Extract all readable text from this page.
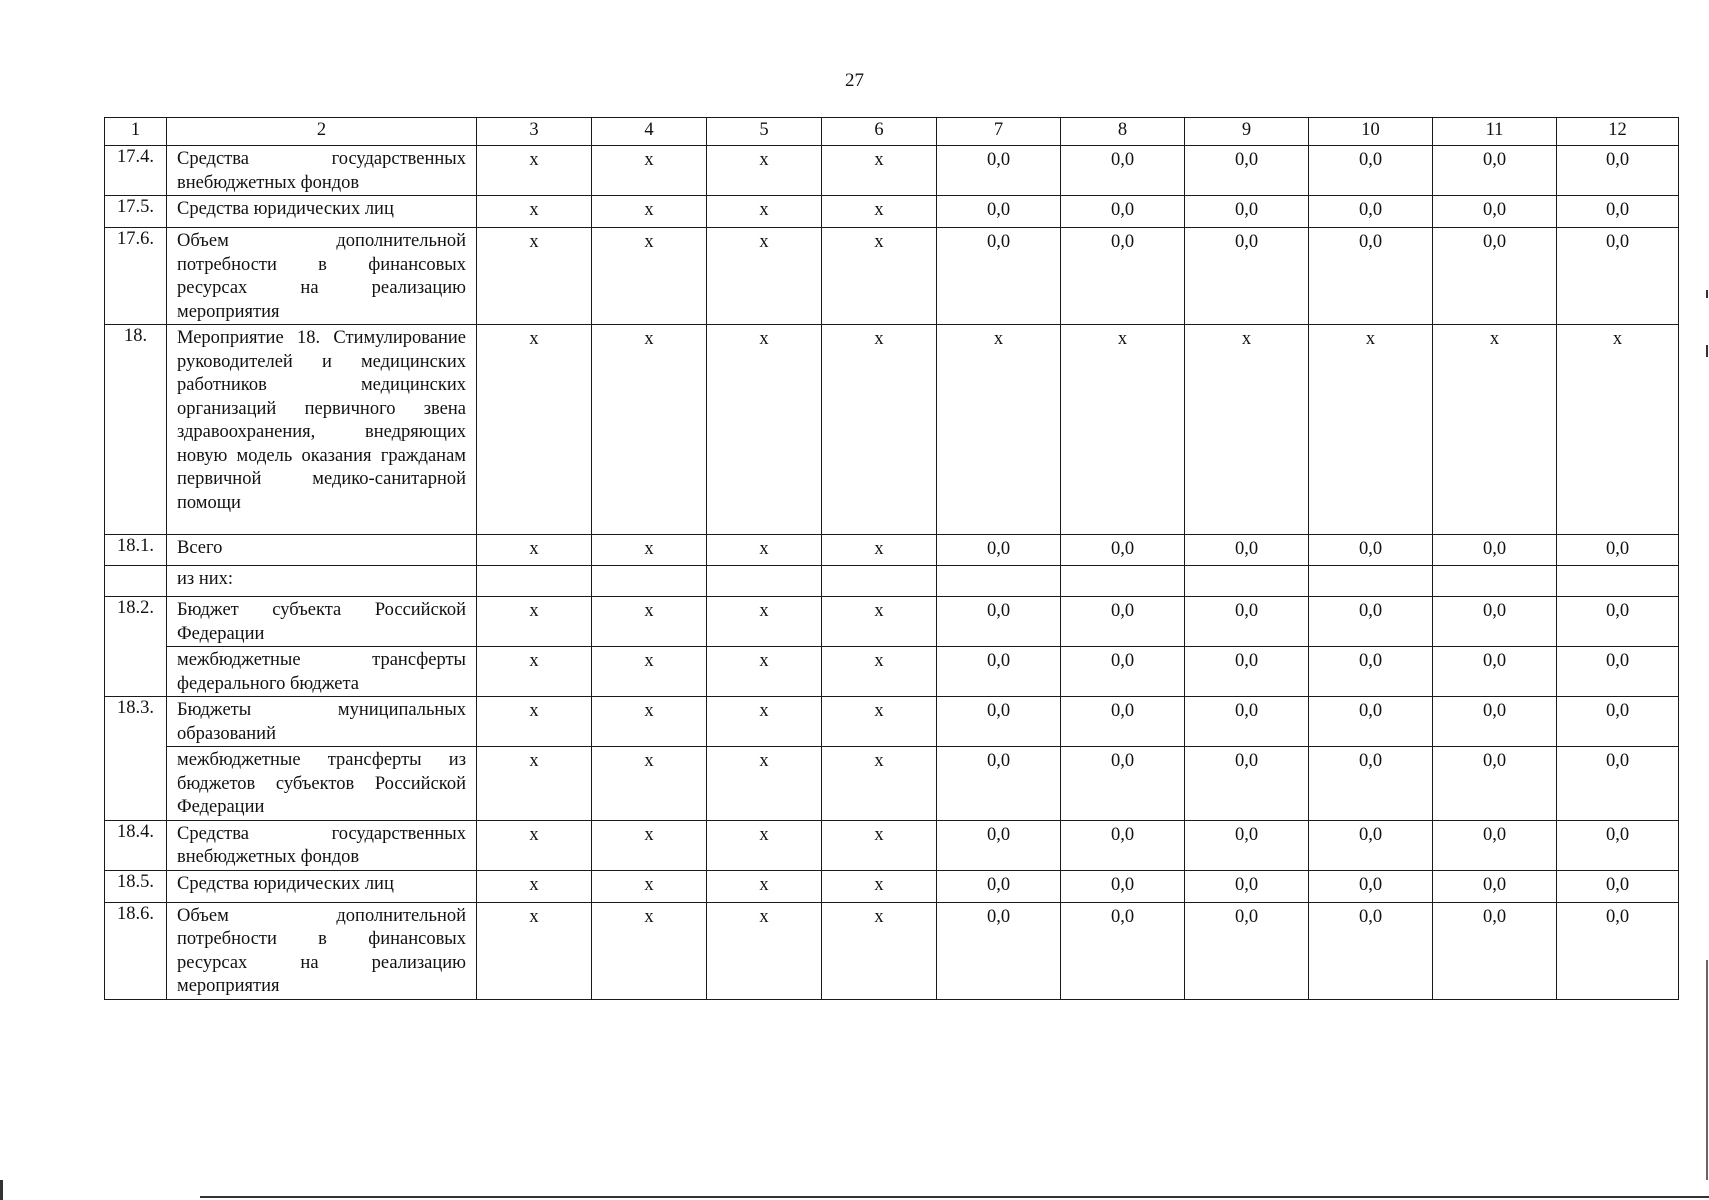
27
1	2	3	4	5	6	7	8	9	10	11	12
17.4.	Средства государственных внебюджетных фондов	х	х	х	х	0,0	0,0	0,0	0,0	0,0	0,0
17.5.	Средства юридических лиц	х	х	х	х	0,0	0,0	0,0	0,0	0,0	0,0
17.6.	Объем дополнительной потребности в финансовых ресурсах на реализацию мероприятия	х	х	х	х	0,0	0,0	0,0	0,0	0,0	0,0
18.	Мероприятие 18. Стимулирование руководителей и медицинских работников медицинских организаций первичного звена здравоохранения, внедряющих новую модель оказания гражданам первичной медико-санитарной помощи	х	х	х	х	х	х	х	х	х	х
18.1.	Всего	х	х	х	х	0,0	0,0	0,0	0,0	0,0	0,0
	из них:										
18.2.	Бюджет субъекта Российской Федерации	х	х	х	х	0,0	0,0	0,0	0,0	0,0	0,0
	межбюджетные трансферты федерального бюджета	х	х	х	х	0,0	0,0	0,0	0,0	0,0	0,0
18.3.	Бюджеты муниципальных образований	х	х	х	х	0,0	0,0	0,0	0,0	0,0	0,0
	межбюджетные трансферты из бюджетов субъектов Российской Федерации	х	х	х	х	0,0	0,0	0,0	0,0	0,0	0,0
18.4.	Средства государственных внебюджетных фондов	х	х	х	х	0,0	0,0	0,0	0,0	0,0	0,0
18.5.	Средства юридических лиц	х	х	х	х	0,0	0,0	0,0	0,0	0,0	0,0
18.6.	Объем дополнительной потребности в финансовых ресурсах на реализацию мероприятия	х	х	х	х	0,0	0,0	0,0	0,0	0,0	0,0
